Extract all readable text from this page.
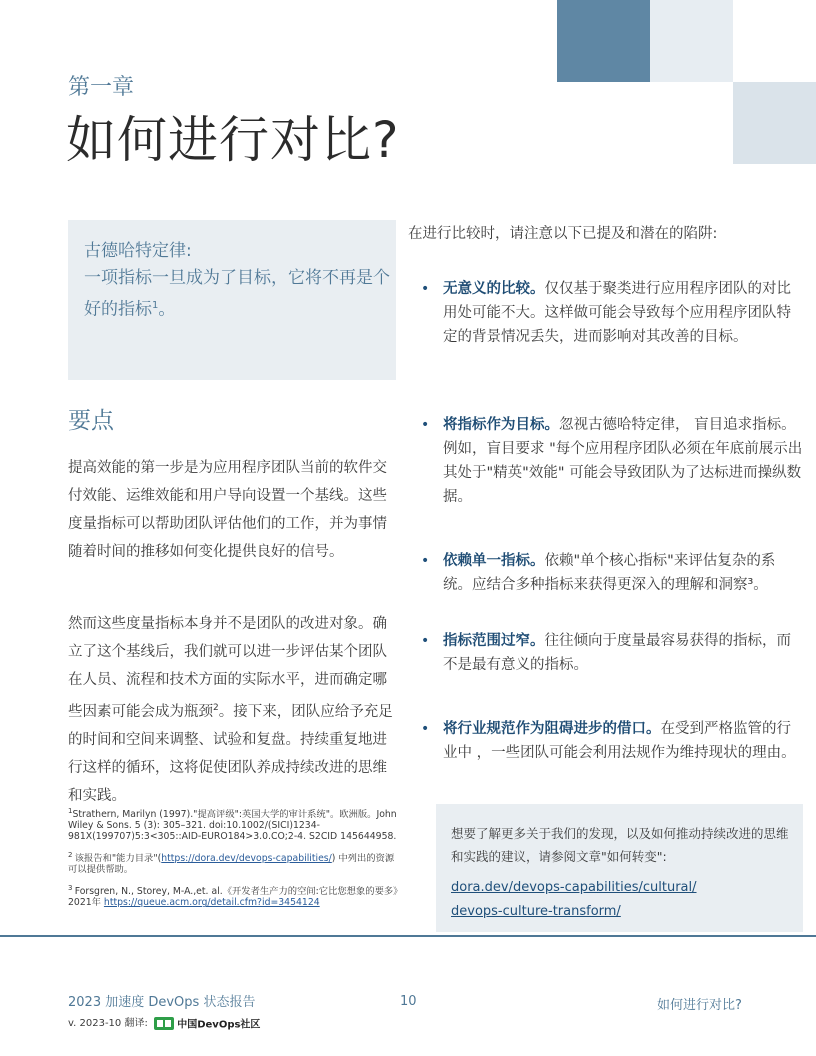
第一章
如何进行对比?

古德哈特定律:

一项指标一旦成为了目标，它将不再是个好的指标$^1$。

要点

提高效能的第一步是为应用程序团队当前的软件交付效能、运维效能和用户导向设置一个基线。这些度量指标可以帮助团队评估他们的工作，并为事情随着时间的推移如何变化提供良好的信号。

然而这些度量指标本身并不是团队的改进对象。确立了这个基线后，我们就可以进一步评估某个团队在人员、流程和技术方面的实际水平，进而确定哪些因素可能会成为瓶颈$^2$。接下来，团队应给予充足的时间和空间来调整、试验和复盘。持续重复地进行这样的循环，这将促使团队养成持续改进的思维和实践。

$^1$Strathern, Marilyn (1997)."提高评级":英国大学的审计系统"。欧洲版。John Wiley & Sons. 5 (3): 305–321. doi:10.1002/(SICI)1234-981X(199707)5:3<305::AID-EURO184>3.0.CO;2-4. S2CID 145644958.

$^2$ 该报告和"能力目录"(https://dora.dev/devops-capabilities/) 中列出的资源可以提供帮助。

$^3$ Forsgren, N., Storey, M-A.,et. al.《开发者生产力的空间:它比您想象的要多》2021年 https://queue.acm.org/detail.cfm?id=3454124

在进行比较时，请注意以下已提及和潜在的陷阱:
• 无意义的比较。仅仅基于聚类进行应用程序团队的对比用处可能不大。这样做可能会导致每个应用程序团队特定的背景情况丢失，进而影响对其改善的目标。

• 将指标作为目标。忽视古德哈特定律， 盲目追求指标。例如，盲目要求 "每个应用程序团队必须在年底前展示出其处于"精英"效能" 可能会导致团队为了达标进而操纵数据。

• 依赖单一指标。依赖"单个核心指标"来评估复杂的系统。应结合多种指标来获得更深入的理解和洞察³。

• 指标范围过窄。往往倾向于度量最容易获得的指标，而不是最有意义的指标。

• 将行业规范作为阻碍进步的借口。在受到严格监管的行业中 ，一些团队可能会利用法规作为维持现状的理由。

想要了解更多关于我们的发现，以及如何推动持续改进的思维和实践的建议，请参阅文章"如何转变":

dora.dev/devops-capabilities/cultural/
devops-culture-transform/
2023 加速度 DevOps 状态报告
v. 2023-10 翻译:	中国DevOps社区
10	如何进行对比?
